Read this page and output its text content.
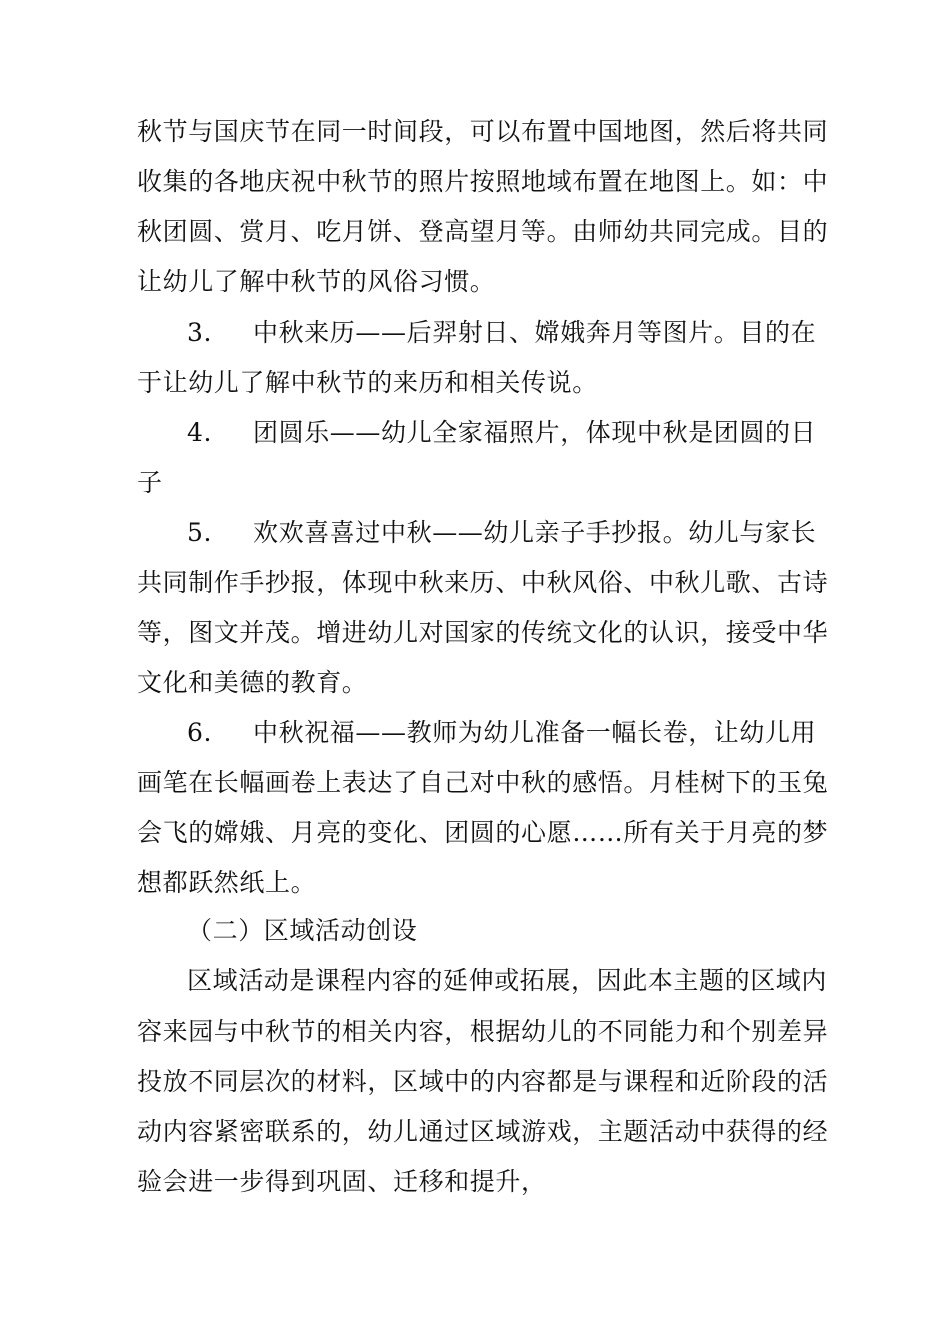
秋节与国庆节在同一时间段，可以布置中国地图，然后将共同
收集的各地庆祝中秋节的照片按照地域布置在地图上。如：中
秋团圆、赏月、吃月饼、登高望月等。由师幼共同完成。目的
让幼儿了解中秋节的风俗习惯。
3. 中秋来历——后羿射日、嫦娥奔月等图片。目的在
于让幼儿了解中秋节的来历和相关传说。
4. 团圆乐——幼儿全家福照片，体现中秋是团圆的日
子
5. 欢欢喜喜过中秋——幼儿亲子手抄报。幼儿与家长
共同制作手抄报，体现中秋来历、中秋风俗、中秋儿歌、古诗
等，图文并茂。增进幼儿对国家的传统文化的认识，接受中华
文化和美德的教育。
6. 中秋祝福——教师为幼儿准备一幅长卷，让幼儿用
画笔在长幅画卷上表达了自己对中秋的感悟。月桂树下的玉兔
会飞的嫦娥、月亮的变化、团圆的心愿……所有关于月亮的梦
想都跃然纸上。
（二）区域活动创设
区域活动是课程内容的延伸或拓展，因此本主题的区域内
容来园与中秋节的相关内容，根据幼儿的不同能力和个别差异
投放不同层次的材料，区域中的内容都是与课程和近阶段的活
动内容紧密联系的，幼儿通过区域游戏，主题活动中获得的经
验会进一步得到巩固、迁移和提升，
